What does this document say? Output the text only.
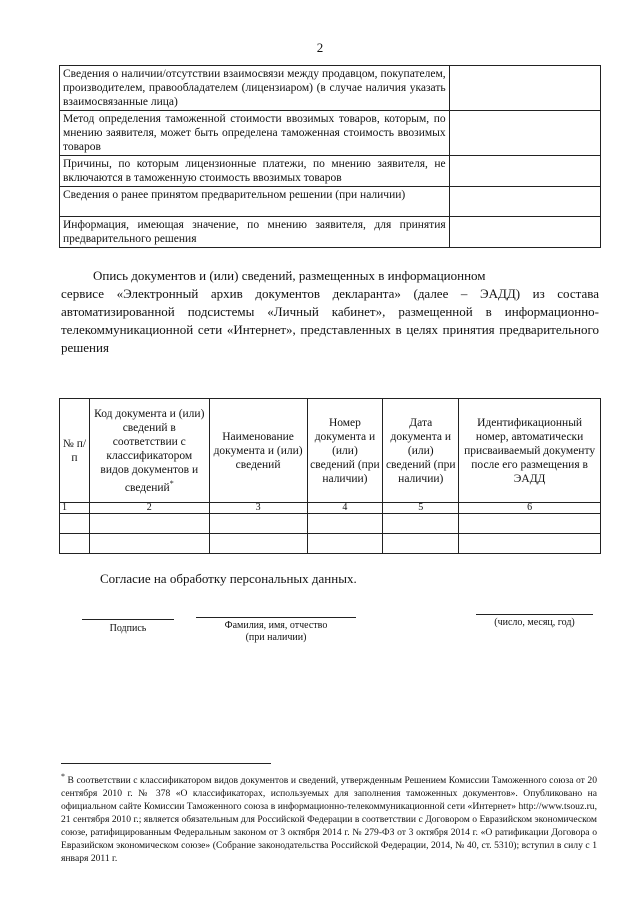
2
Сведения о наличии/отсутствии взаимосвязи между продавцом, покупателем, производителем, правообладателем (лицензиаром) (в случае наличия указать взаимосвязанные лица)	
Метод определения таможенной стоимости ввозимых товаров, которым, по мнению заявителя, может быть определена таможенная стоимость ввозимых товаров	
Причины, по которым лицензионные платежи, по мнению заявителя, не включаются в таможенную стоимость ввозимых товаров	
Сведения о ранее принятом предварительном решении (при наличии)	
Информация, имеющая значение, по мнению заявителя, для принятия предварительного решения	
Опись документов и (или) сведений, размещенных в информационном
сервисе «Электронный архив документов декларанта» (далее – ЭАДД) из состава автоматизированной подсистемы «Личный кабинет», размещенной в информационно-телекоммуникационной сети «Интернет», представленных в целях принятия предварительного решения
№ п/п	Код документа и (или) сведений в соответствии с классификатором видов документов и сведений*	Наименование документа и (или) сведений	Номер документа и (или) сведений (при наличии)	Дата документа и (или) сведений (при наличии)	Идентификационный номер, автоматически присваиваемый документу после его размещения в ЭАДД
1	2	3	4	5	6

Согласие на обработку персональных данных.
Подпись	Фамилия, имя, отчество
(при наличии)
(число, месяц, год)
* В соответствии с классификатором видов документов и сведений, утвержденным Решением Комиссии Таможенного союза от 20 сентября 2010 г. № 378 «О классификаторах, используемых для заполнения таможенных документов». Опубликовано на официальном сайте Комиссии Таможенного союза в информационно-телекоммуникационной сети «Интернет» http://www.tsouz.ru, 21 сентября 2010 г.; является обязательным для Российской Федерации в соответствии с Договором о Евразийском экономическом союзе, ратифицированным Федеральным законом от 3 октября 2014 г. № 279-ФЗ от 3 октября 2014 г. «О ратификации Договора о Евразийском экономическом союзе» (Собрание законодательства Российской Федерации, 2014, № 40, ст. 5310); вступил в силу с 1 января 2011 г.
